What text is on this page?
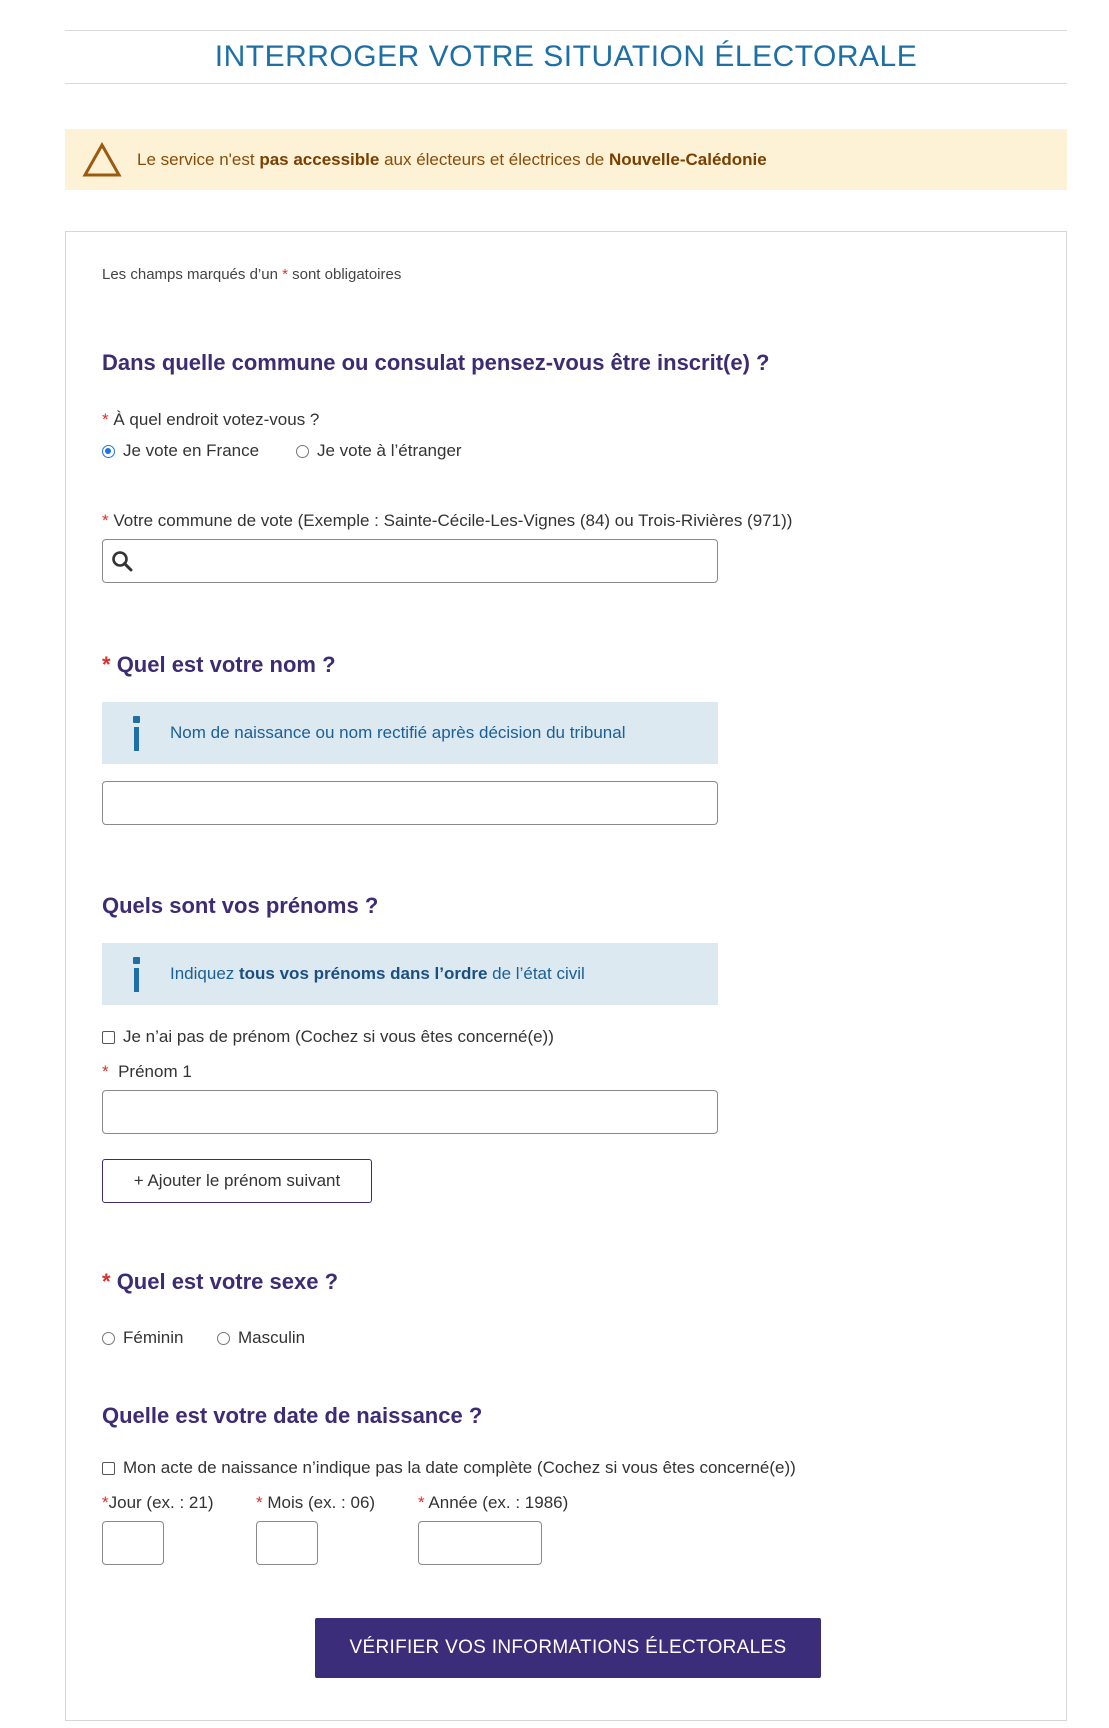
INTERROGER VOTRE SITUATION ÉLECTORALE
Le service n'est pas accessible aux électeurs et électrices de Nouvelle-Calédonie
Les champs marqués d’un * sont obligatoires
Dans quelle commune ou consulat pensez-vous être inscrit(e) ?
* À quel endroit votez-vous ?
Je vote en France	Je vote à l’étranger
* Votre commune de vote (Exemple : Sainte-Cécile-Les-Vignes (84) ou Trois-Rivières (971))
* Quel est votre nom ?
Nom de naissance ou nom rectifié après décision du tribunal
Quels sont vos prénoms ?
Indiquez tous vos prénoms dans l’ordre de l’état civil
Je n’ai pas de prénom (Cochez si vous êtes concerné(e))
* Prénom 1
+ Ajouter le prénom suivant
* Quel est votre sexe ?
Féminin	Masculin
Quelle est votre date de naissance ?
Mon acte de naissance n’indique pas la date complète (Cochez si vous êtes concerné(e))
*Jour (ex. : 21)	* Mois (ex. : 06)	* Année (ex. : 1986)
VÉRIFIER VOS INFORMATIONS ÉLECTORALES
